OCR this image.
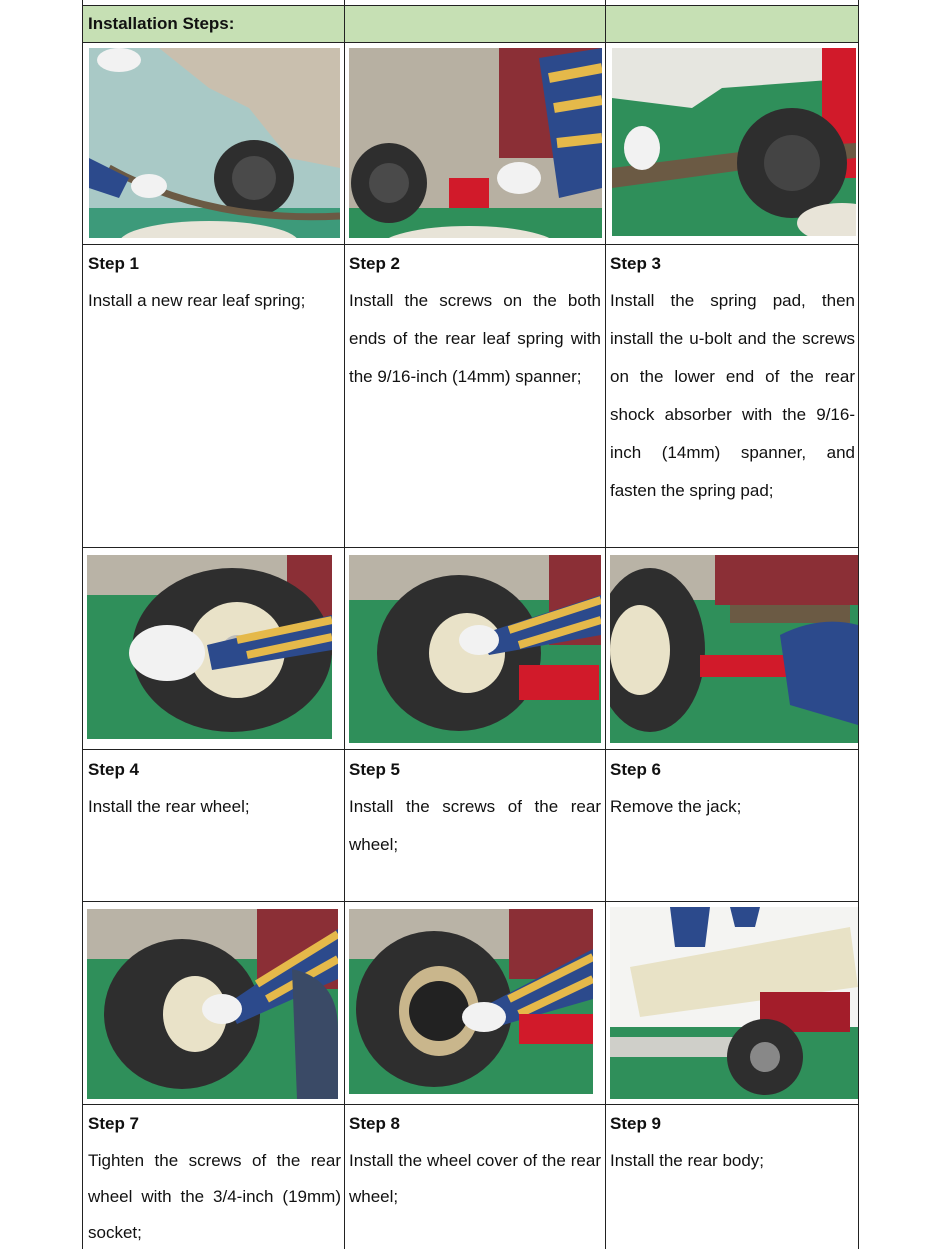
Installation Steps:
Step 1
Install a new rear leaf spring;
Step 2
Install the screws on the both ends of the rear leaf spring with the 9/16-inch (14mm) spanner;
Step 3
Install the spring pad, then install the u-bolt and the screws on the lower end of the rear shock absorber with the 9/16-inch (14mm) spanner, and fasten the spring pad;
Step 4
Install the rear wheel;
Step 5
Install the screws of the rear wheel;
Step 6
Remove the jack;
Step 7
Tighten the screws of the rear wheel with the 3/4-inch (19mm) socket;
Step 8
Install the wheel cover of the rear wheel;
Step 9
Install the rear body;
